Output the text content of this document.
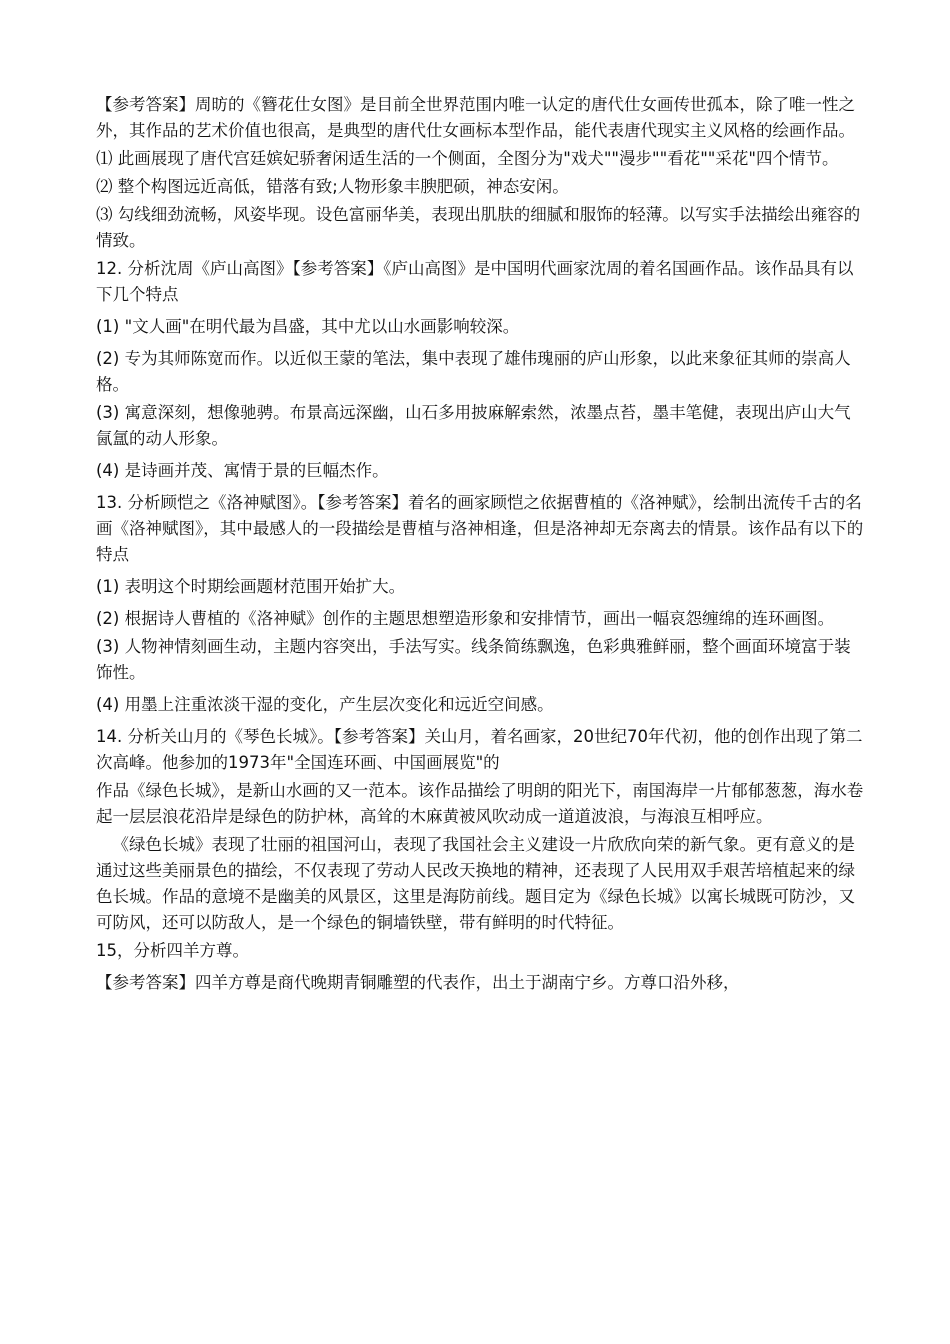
【参考答案】周昉的《簪花仕女图》是目前全世界范围内唯一认定的唐代仕女画传世孤本，除了唯一性之外，其作品的艺术价值也很高，是典型的唐代仕女画标本型作品，能代表唐代现实主义风格的绘画作品。

⑴ 此画展现了唐代宫廷嫔妃骄奢闲适生活的一个侧面，全图分为"戏犬""漫步""看花""采花"四个情节。

⑵ 整个构图远近高低，错落有致;人物形象丰腴肥硕，神态安闲。

⑶ 勾线细劲流畅，风姿毕现。设色富丽华美，表现出肌肤的细腻和服饰的轻薄。以写实手法描绘出雍容的情致。

12. 分析沈周《庐山高图》【参考答案】《庐山高图》是中国明代画家沈周的着名国画作品。该作品具有以下几个特点

(1) "文人画"在明代最为昌盛，其中尤以山水画影响较深。

(2) 专为其师陈宽而作。以近似王蒙的笔法，集中表现了雄伟瑰丽的庐山形象，以此来象征其师的崇高人格。

(3) 寓意深刻，想像驰骋。布景高远深幽，山石多用披麻解索然，浓墨点苔，墨丰笔健，表现出庐山大气氤氲的动人形象。

(4) 是诗画并茂、寓情于景的巨幅杰作。

13. 分析顾恺之《洛神赋图》。【参考答案】着名的画家顾恺之依据曹植的《洛神赋》，绘制出流传千古的名画《洛神赋图》，其中最感人的一段描绘是曹植与洛神相逢，但是洛神却无奈离去的情景。该作品有以下的特点

(1) 表明这个时期绘画题材范围开始扩大。

(2) 根据诗人曹植的《洛神赋》创作的主题思想塑造形象和安排情节，画出一幅哀怨缠绵的连环画图。

(3) 人物神情刻画生动，主题内容突出，手法写实。线条简练飘逸，色彩典雅鲜丽，整个画面环境富于装饰性。

(4) 用墨上注重浓淡干湿的变化，产生层次变化和远近空间感。

14. 分析关山月的《琴色长城》。【参考答案】关山月，着名画家，20世纪70年代初，他的创作出现了第二次高峰。他参加的1973年"全国连环画、中国画展览"的

作品《绿色长城》，是新山水画的又一范本。该作品描绘了明朗的阳光下，南国海岸一片郁郁葱葱，海水卷起一层层浪花沿岸是绿色的防护林，高耸的木麻黄被风吹动成一道道波浪，与海浪互相呼应。

《绿色长城》表现了壮丽的祖国河山，表现了我国社会主义建设一片欣欣向荣的新气象。更有意义的是通过这些美丽景色的描绘，不仅表现了劳动人民改天换地的精神，还表现了人民用双手艰苦培植起来的绿色长城。作品的意境不是幽美的风景区，这里是海防前线。题目定为《绿色长城》以寓长城既可防沙，又可防风，还可以防敌人，是一个绿色的铜墙铁壁，带有鲜明的时代特征。

15，分析四羊方尊。

【参考答案】四羊方尊是商代晚期青铜雕塑的代表作，出土于湖南宁乡。方尊口沿外移，
